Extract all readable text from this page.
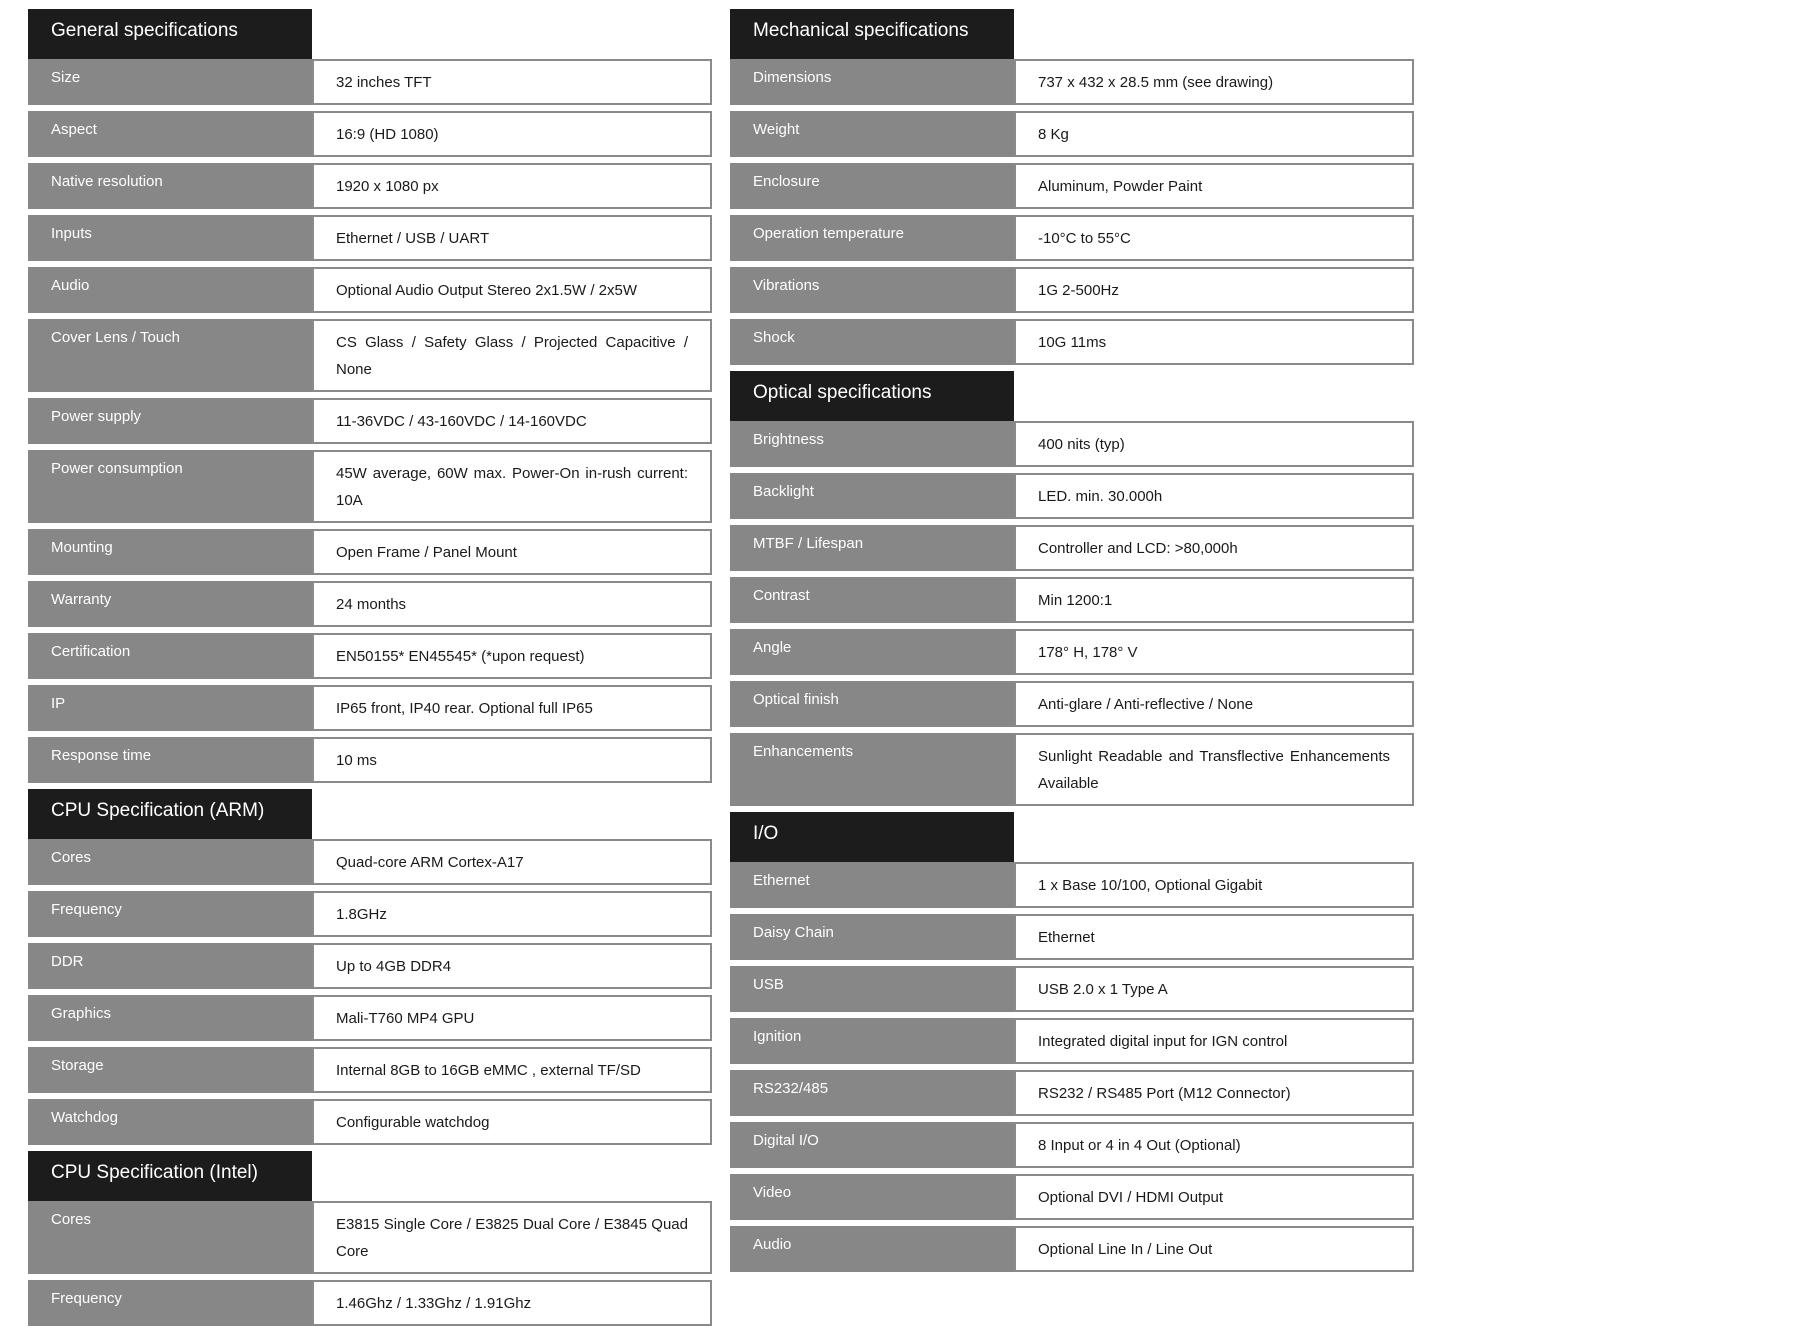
General specifications
Size	32 inches TFT
Aspect	16:9 (HD 1080)
Native resolution	1920 x 1080 px
Inputs	Ethernet / USB / UART
Audio	Optional Audio Output Stereo 2x1.5W / 2x5W
Cover Lens / Touch	CS Glass / Safety Glass / Projected Capacitive / None
Power supply	11-36VDC / 43-160VDC / 14-160VDC
Power consumption	45W average, 60W max. Power-On in-rush current: 10A
Mounting	Open Frame / Panel Mount
Warranty	24 months
Certification	EN50155* EN45545* (*upon request)
IP	IP65 front, IP40 rear. Optional full IP65
Response time	10 ms
CPU Specification (ARM)
Cores	Quad-core ARM Cortex-A17
Frequency	1.8GHz
DDR	Up to 4GB DDR4
Graphics	Mali-T760 MP4 GPU
Storage	Internal 8GB to 16GB eMMC , external TF/SD
Watchdog	Configurable watchdog
CPU Specification (Intel)
Cores	E3815 Single Core / E3825 Dual Core / E3845 Quad Core
Frequency	1.46Ghz / 1.33Ghz / 1.91Ghz
Mechanical specifications
Dimensions	737 x 432 x 28.5 mm (see drawing)
Weight	8 Kg
Enclosure	Aluminum, Powder Paint
Operation temperature	-10°C to 55°C
Vibrations	1G 2-500Hz
Shock	10G 11ms
Optical specifications
Brightness	400 nits (typ)
Backlight	LED. min. 30.000h
MTBF / Lifespan	Controller and LCD: >80,000h
Contrast	Min 1200:1
Angle	178° H, 178° V
Optical finish	Anti-glare / Anti-reflective / None
Enhancements	Sunlight Readable and Transflective Enhancements Available
I/O
Ethernet	1 x Base 10/100, Optional Gigabit
Daisy Chain	Ethernet
USB	USB 2.0 x 1 Type A
Ignition	Integrated digital input for IGN control
RS232/485	RS232 / RS485 Port (M12 Connector)
Digital I/O	8 Input or 4 in 4 Out (Optional)
Video	Optional DVI / HDMI Output
Audio	Optional Line In / Line Out
